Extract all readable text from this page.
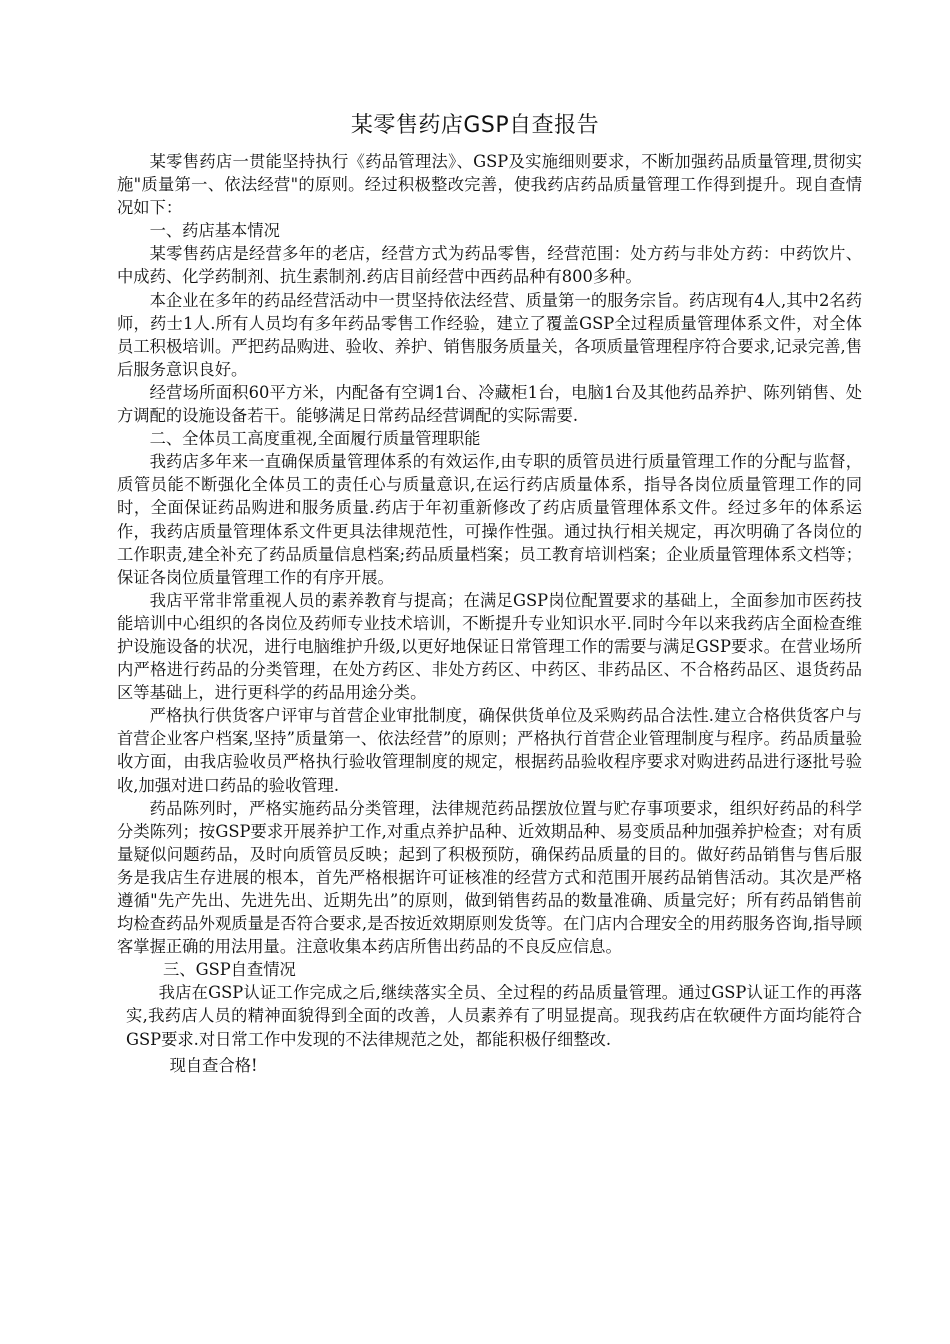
某零售药店GSP自查报告

某零售药店一贯能坚持执行《药品管理法》、GSP及实施细则要求，不断加强药品质量管理,贯彻实施"质量第一、依法经营"的原则。经过积极整改完善，使我药店药品质量管理工作得到提升。现自查情况如下：

一、药店基本情况

某零售药店是经营多年的老店，经营方式为药品零售，经营范围：处方药与非处方药：中药饮片、中成药、化学药制剂、抗生素制剂.药店目前经营中西药品种有800多种。

本企业在多年的药品经营活动中一贯坚持依法经营、质量第一的服务宗旨。药店现有4人,其中2名药师，药士1人.所有人员均有多年药品零售工作经验，建立了覆盖GSP全过程质量管理体系文件，对全体员工积极培训。严把药品购进、验收、养护、销售服务质量关，各项质量管理程序符合要求,记录完善,售后服务意识良好。

经营场所面积60平方米，内配备有空调1台、冷藏柜1台，电脑1台及其他药品养护、陈列销售、处方调配的设施设备若干。能够满足日常药品经营调配的实际需要.

二、全体员工高度重视,全面履行质量管理职能

我药店多年来一直确保质量管理体系的有效运作,由专职的质管员进行质量管理工作的分配与监督，质管员能不断强化全体员工的责任心与质量意识,在运行药店质量体系，指导各岗位质量管理工作的同时，全面保证药品购进和服务质量.药店于年初重新修改了药店质量管理体系文件。经过多年的体系运作，我药店质量管理体系文件更具法律规范性，可操作性强。通过执行相关规定，再次明确了各岗位的工作职责,建全补充了药品质量信息档案;药品质量档案；员工教育培训档案；企业质量管理体系文档等；保证各岗位质量管理工作的有序开展。

我店平常非常重视人员的素养教育与提高；在满足GSP岗位配置要求的基础上，全面参加市医药技能培训中心组织的各岗位及药师专业技术培训，不断提升专业知识水平.同时今年以来我药店全面检查维护设施设备的状况，进行电脑维护升级,以更好地保证日常管理工作的需要与满足GSP要求。在营业场所内严格进行药品的分类管理，在处方药区、非处方药区、中药区、非药品区、不合格药品区、退货药品区等基础上，进行更科学的药品用途分类。

严格执行供货客户评审与首营企业审批制度，确保供货单位及采购药品合法性.建立合格供货客户与首营企业客户档案,坚持”质量第一、依法经营”的原则；严格执行首营企业管理制度与程序。药品质量验收方面，由我店验收员严格执行验收管理制度的规定，根据药品验收程序要求对购进药品进行逐批号验收,加强对进口药品的验收管理.

药品陈列时，严格实施药品分类管理，法律规范药品摆放位置与贮存事项要求，组织好药品的科学分类陈列；按GSP要求开展养护工作,对重点养护品种、近效期品种、易变质品种加强养护检查；对有质量疑似问题药品，及时向质管员反映；起到了积极预防，确保药品质量的目的。做好药品销售与售后服务是我店生存进展的根本，首先严格根据许可证核准的经营方式和范围开展药品销售活动。其次是严格遵循"先产先出、先进先出、近期先出”的原则，做到销售药品的数量准确、质量完好；所有药品销售前均检查药品外观质量是否符合要求,是否按近效期原则发货等。在门店内合理安全的用药服务咨询,指导顾客掌握正确的用法用量。注意收集本药店所售出药品的不良反应信息。

三、GSP自查情况

我店在GSP认证工作完成之后,继续落实全员、全过程的药品质量管理。通过GSP认证工作的再落实,我药店人员的精神面貌得到全面的改善，人员素养有了明显提高。现我药店在软硬件方面均能符合GSP要求.对日常工作中发现的不法律规范之处，都能积极仔细整改.

现自查合格!
